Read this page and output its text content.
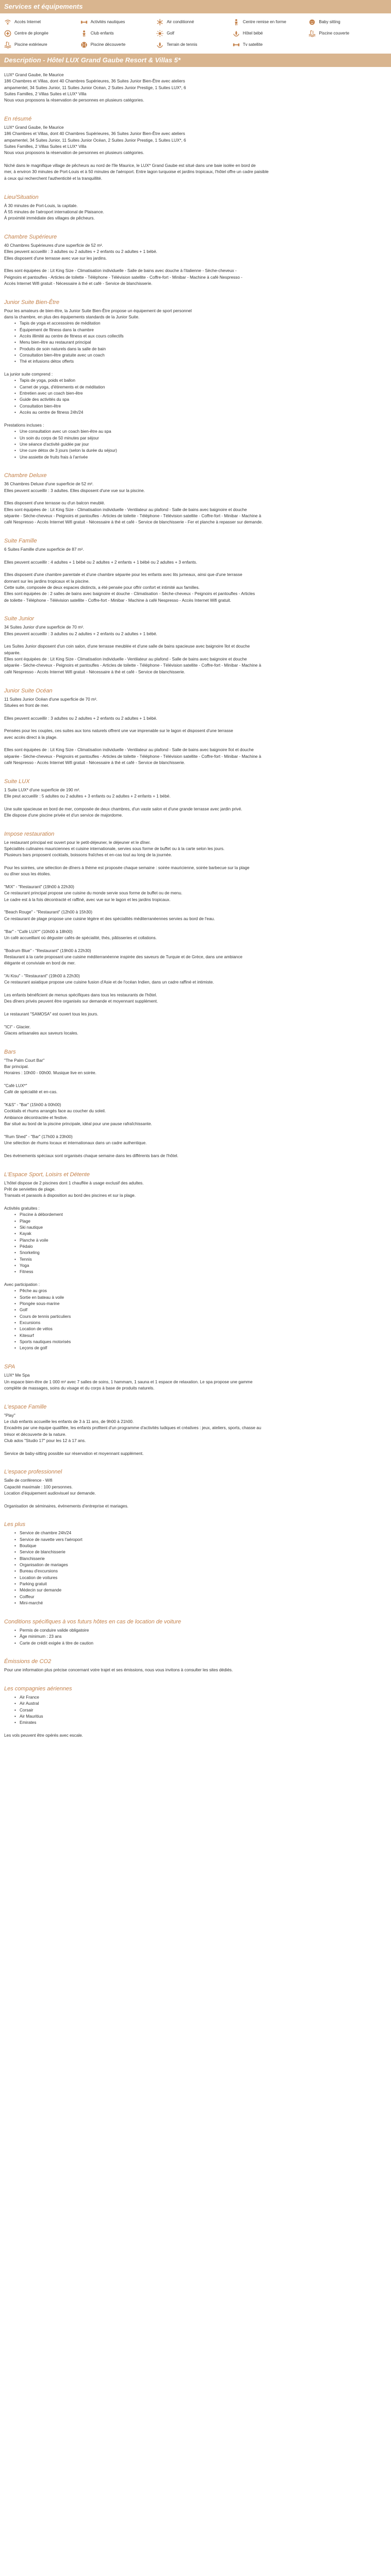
Services et équipements
Accès Internet	Activités nautiques	Air conditionné	Centre remise en forme	Baby sitting
Centre de plongée	Club enfants	Golf	Hôtel bébé	Piscine couverte
Piscine extérieure	Piscine découverte	Terrain de tennis	Tv satellite
Description - Hôtel LUX Grand Gaube Resort & Villas 5*

LUX* Grand Gaube, Ile Maurice

186 Chambres et Villas, dont 40 Chambres Supérieures, 36 Suites Junior Bien-Être avec ateliers

ampamentel, 34 Suites Junior, 11 Suites Junior Océan, 2 Suites Junior Prestige, 1 Suites LUX*, 6

Suites Familles, 2 Villas Suites et LUX* Villa

Nous vous proposons la réservation de personnes en plusieurs catégories.

En résumé

LUX* Grand Gaube, Ile Maurice

186 Chambres et Villas, dont 40 Chambres Supérieures, 36 Suites Junior Bien-Être avec ateliers

ampamentel, 34 Suites Junior, 11 Suites Junior Océan, 2 Suites Junior Prestige, 1 Suites LUX*, 6

Suites Familles, 2 Villas Suites et LUX* Villa

Nous vous proposons la réservation de personnes en plusieurs catégories.

Niché dans le magnifique village de pêcheurs au nord de l'île Maurice, le LUX* Grand Gaube est situé dans une baie isolée en bord de

mer, à environ 30 minutes de Port-Louis et à 50 minutes de l'aéroport. Entre lagon turquoise et jardins tropicaux, l'hôtel offre un cadre paisible

à ceux qui recherchent l'authenticité et la tranquillité.

Lieu/Situation

À 30 minutes de Port-Louis, la capitale.

À 55 minutes de l'aéroport international de Plaisance.

À proximité immédiate des villages de pêcheurs.

Chambre Supérieure

40 Chambres Supérieures d'une superficie de 52 m².

Elles peuvent accueillir : 3 adultes ou 2 adultes + 2 enfants ou 2 adultes + 1 bébé.

Elles disposent d'une terrasse avec vue sur les jardins.

Elles sont équipées de : Lit King Size - Climatisation individuelle - Salle de bains avec douche à l'italienne - Sèche-cheveux -

Peignoirs et pantoufles - Articles de toilette - Téléphone - Télévision satellite - Coffre-fort - Minibar - Machine à café Nespresso -

Accès Internet Wifi gratuit - Nécessaire à thé et café - Service de blanchisserie.

Junior Suite Bien-Être

Pour les amateurs de bien-être, la Junior Suite Bien-Être propose un équipement de sport personnel

dans la chambre, en plus des équipements standards de la Junior Suite.

• Tapis de yoga et accessoires de méditation
• Équipement de fitness dans la chambre
• Accès illimité au centre de fitness et aux cours collectifs
• Menu bien-être au restaurant principal
• Produits de soin naturels dans la salle de bain
• Consultation bien-être gratuite avec un coach
• Thé et infusions détox offerts

La junior suite comprend :

• Tapis de yoga, poids et ballon
• Carnet de yoga, d'étirements et de méditation
• Entretien avec un coach bien-être
• Guide des activités du spa
• Consultation bien-être
• Accès au centre de fitness 24h/24

Prestations incluses :

• Une consultation avec un coach bien-être au spa
• Un soin du corps de 50 minutes par séjour
• Une séance d'activité guidée par jour
• Une cure détox de 3 jours (selon la durée du séjour)
• Une assiette de fruits frais à l'arrivée
Chambre Deluxe

36 Chambres Deluxe d'une superficie de 52 m².

Elles peuvent accueillir : 3 adultes. Elles disposent d'une vue sur la piscine.

Elles disposent d'une terrasse ou d'un balcon meublé.

Elles sont équipées de : Lit King Size - Climatisation individuelle - Ventilateur au plafond - Salle de bains avec baignoire et douche

séparée - Sèche-cheveux - Peignoirs et pantoufles - Articles de toilette - Téléphone - Télévision satellite - Coffre-fort - Minibar - Machine à

café Nespresso - Accès Internet Wifi gratuit - Nécessaire à thé et café - Service de blanchisserie - Fer et planche à repasser sur demande.

Suite Famille

6 Suites Famille d'une superficie de 87 m².

Elles peuvent accueillir : 4 adultes + 1 bébé ou 2 adultes + 2 enfants + 1 bébé ou 2 adultes + 3 enfants.

Elles disposent d'une chambre parentale et d'une chambre séparée pour les enfants avec lits jumeaux, ainsi que d'une terrasse

donnant sur les jardins tropicaux et la piscine.

Cette suite, composée de deux espaces distincts, a été pensée pour offrir confort et intimité aux familles.

Elles sont équipées de : 2 salles de bains avec baignoire et douche - Climatisation - Sèche-cheveux - Peignoirs et pantoufles - Articles

de toilette - Téléphone - Télévision satellite - Coffre-fort - Minibar - Machine à café Nespresso - Accès Internet Wifi gratuit.

Suite Junior

34 Suites Junior d'une superficie de 70 m².

Elles peuvent accueillir : 3 adultes ou 2 adultes + 2 enfants ou 2 adultes + 1 bébé.

Les Suites Junior disposent d'un coin salon, d'une terrasse meublée et d'une salle de bains spacieuse avec baignoire îlot et douche

séparée.

Elles sont équipées de : Lit King Size - Climatisation individuelle - Ventilateur au plafond - Salle de bains avec baignoire et douche

séparée - Sèche-cheveux - Peignoirs et pantoufles - Articles de toilette - Téléphone - Télévision satellite - Coffre-fort - Minibar - Machine à

café Nespresso - Accès Internet Wifi gratuit - Nécessaire à thé et café - Service de blanchisserie.

Junior Suite Océan

11 Suites Junior Océan d'une superficie de 70 m².

Situées en front de mer.

Elles peuvent accueillir : 3 adultes ou 2 adultes + 2 enfants ou 2 adultes + 1 bébé.

Pensées pour les couples, ces suites aux tons naturels offrent une vue imprenable sur le lagon et disposent d'une terrasse

avec accès direct à la plage.

Elles sont équipées de : Lit King Size - Climatisation individuelle - Ventilateur au plafond - Salle de bains avec baignoire îlot et douche

séparée - Sèche-cheveux - Peignoirs et pantoufles - Articles de toilette - Téléphone - Télévision satellite - Coffre-fort - Minibar - Machine à

café Nespresso - Accès Internet Wifi gratuit - Nécessaire à thé et café - Service de blanchisserie.

Suite LUX

1 Suite LUX* d'une superficie de 190 m².

Elle peut accueillir : 5 adultes ou 2 adultes + 3 enfants ou 2 adultes + 2 enfants + 1 bébé.

Une suite spacieuse en bord de mer, composée de deux chambres, d'un vaste salon et d'une grande terrasse avec jardin privé.

Elle dispose d'une piscine privée et d'un service de majordome.

Impose restauration

Le restaurant principal est ouvert pour le petit-déjeuner, le déjeuner et le dîner.

Spécialités culinaires mauriciennes et cuisine internationale, servies sous forme de buffet ou à la carte selon les jours.

Plusieurs bars proposent cocktails, boissons fraîches et en-cas tout au long de la journée.

Pour les soirées, une sélection de dîners à thème est proposée chaque semaine : soirée mauricienne, soirée barbecue sur la plage

ou dîner sous les étoiles.

"MIX" - "Restaurant" (19h00 à 22h30)

Ce restaurant principal propose une cuisine du monde servie sous forme de buffet ou de menu.

Le cadre est à la fois décontracté et raffiné, avec vue sur le lagon et les jardins tropicaux.

"Beach Rouge" - "Restaurant" (12h00 à 15h30)

Ce restaurant de plage propose une cuisine légère et des spécialités méditerranéennes servies au bord de l'eau.

"Bar" - "Café LUX*" (10h00 à 18h00)

Un café accueillant où déguster cafés de spécialité, thés, pâtisseries et collations.

"Bodrum Blue" - "Restaurant" (19h00 à 22h30)

Restaurant à la carte proposant une cuisine méditerranéenne inspirée des saveurs de Turquie et de Grèce, dans une ambiance

élégante et conviviale en bord de mer.

"Ai Kisu" - "Restaurant" (19h00 à 22h30)

Ce restaurant asiatique propose une cuisine fusion d'Asie et de l'océan Indien, dans un cadre raffiné et intimiste.

Les enfants bénéficient de menus spécifiques dans tous les restaurants de l'hôtel.

Des dîners privés peuvent être organisés sur demande et moyennant supplément.

Le restaurant "SAMOSA" est ouvert tous les jours.

"ICI" - Glacier.

Glaces artisanales aux saveurs locales.

Bars

"The Palm Court Bar"

Bar principal.

Horaires : 10h00 - 00h00. Musique live en soirée.

"Café LUX*"

Café de spécialité et en-cas.

"K&S" - "Bar" (15h00 à 00h00)

Cocktails et rhums arrangés face au coucher du soleil.

Ambiance décontractée et festive.

Bar situé au bord de la piscine principale, idéal pour une pause rafraîchissante.

"Rum Shed" - "Bar" (17h00 à 23h00)

Une sélection de rhums locaux et internationaux dans un cadre authentique.

Des événements spéciaux sont organisés chaque semaine dans les différents bars de l'hôtel.

L'Espace Sport, Loisirs et Détente

L'hôtel dispose de 2 piscines dont 1 chauffée à usage exclusif des adultes.

Prêt de serviettes de plage.

Transats et parasols à disposition au bord des piscines et sur la plage.

Activités gratuites :

• Piscine à débordement
• Plage
• Ski nautique
• Kayak
• Planche à voile
• Pédalo
• Snorkeling
• Tennis
• Yoga
• Fitness

Avec participation :

• Pêche au gros
• Sortie en bateau à voile
• Plongée sous-marine
• Golf
• Cours de tennis particuliers
• Excursions
• Location de vélos
• Kitesurf
• Sports nautiques motorisés
• Leçons de golf
SPA

LUX* Me Spa

Un espace bien-être de 1 000 m² avec 7 salles de soins, 1 hammam, 1 sauna et 1 espace de relaxation. Le spa propose une gamme

complète de massages, soins du visage et du corps à base de produits naturels.

L'espace Famille

"Play"

Le club enfants accueille les enfants de 3 à 11 ans, de 9h00 à 21h00.

Encadrés par une équipe qualifiée, les enfants profitent d'un programme d'activités ludiques et créatives : jeux, ateliers, sports, chasse au

trésor et découverte de la nature.

Club ados "Studio 17" pour les 12 à 17 ans.

Service de baby-sitting possible sur réservation et moyennant supplément.

L'espace professionnel

Salle de conférence - Wifi

Capacité maximale : 100 personnes.

Location d'équipement audiovisuel sur demande.

Organisation de séminaires, événements d'entreprise et mariages.

Les plus
• Service de chambre 24h/24
• Service de navette vers l'aéroport
• Boutique
• Service de blanchisserie
• Blanchisserie
• Organisation de mariages
• Bureau d'excursions
• Location de voitures
• Parking gratuit
• Médecin sur demande
• Coiffeur
• Mini-marché
Conditions spécifiques à vos futurs hôtes en cas de location de voiture
• Permis de conduire valide obligatoire
• Âge minimum : 23 ans
• Carte de crédit exigée à titre de caution
Émissions de CO2

Pour une information plus précise concernant votre trajet et ses émissions, nous vous invitons à consulter les sites dédiés.

Les compagnies aériennes
• Air France
• Air Austral
• Corsair
• Air Mauritius
• Emirates

Les vols peuvent être opérés avec escale.
